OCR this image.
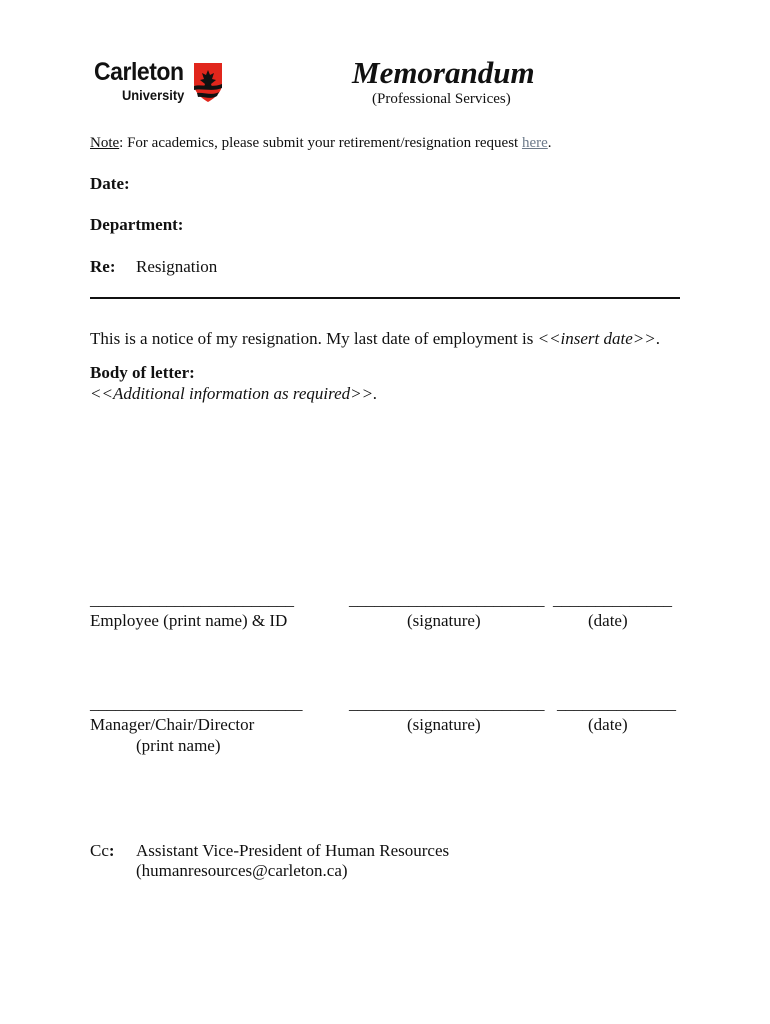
Carleton
University
Memorandum
(Professional Services)
Note: For academics, please submit your retirement/resignation request here.
Date:
Department:
Re: Resignation
This is a notice of my resignation. My last date of employment is <<insert date>>.
Body of letter:
<<Additional information as required>>.
________________________
Employee (print name) & ID
_______________________
(signature)
______________
(date)
_________________________
Manager/Chair/Director
(print name)
_______________________
(signature)
______________
(date)
Cc: Assistant Vice-President of Human Resources
(humanresources@carleton.ca)
